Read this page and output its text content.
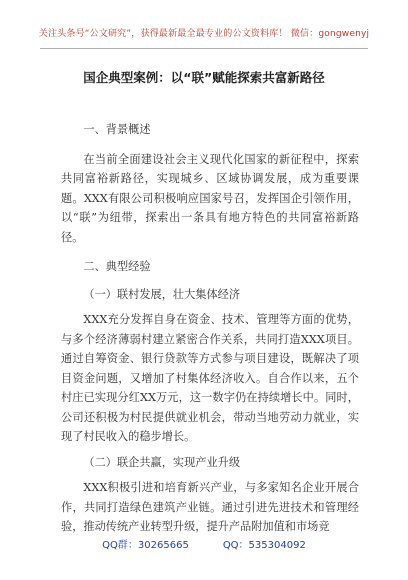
关注头条号“公文研究”，获得最新最全最专业的公文资料库！ 微信：gongwenyj
国企典型案例：以“联”赋能探索共富新路径

一、背景概述

在当前全面建设社会主义现代化国家的新征程中，探索共同富裕新路径，实现城乡、区域协调发展，成为重要课题。XXX有限公司积极响应国家号召，发挥国企引领作用，以“联”为纽带，探索出一条具有地方特色的共同富裕新路径。

二、典型经验

（一）联村发展，壮大集体经济

XXX充分发挥自身在资金、技术、管理等方面的优势，与多个经济薄弱村建立紧密合作关系，共同打造XXX项目。通过自筹资金、银行贷款等方式参与项目建设，既解决了项目资金问题，又增加了村集体经济收入。自合作以来，五个村庄已实现分红XX万元，这一数字仍在持续增长中。同时，公司还积极为村民提供就业机会，带动当地劳动力就业，实现了村民收入的稳步增长。

（二）联企共赢，实现产业升级

XXX积极引进和培育新兴产业，与多家知名企业开展合作，共同打造绿色建筑产业链。通过引进先进技术和管理经验，推动传统产业转型升级，提升产品附加值和市场竞

QQ群：30265665	QQ：535304092
